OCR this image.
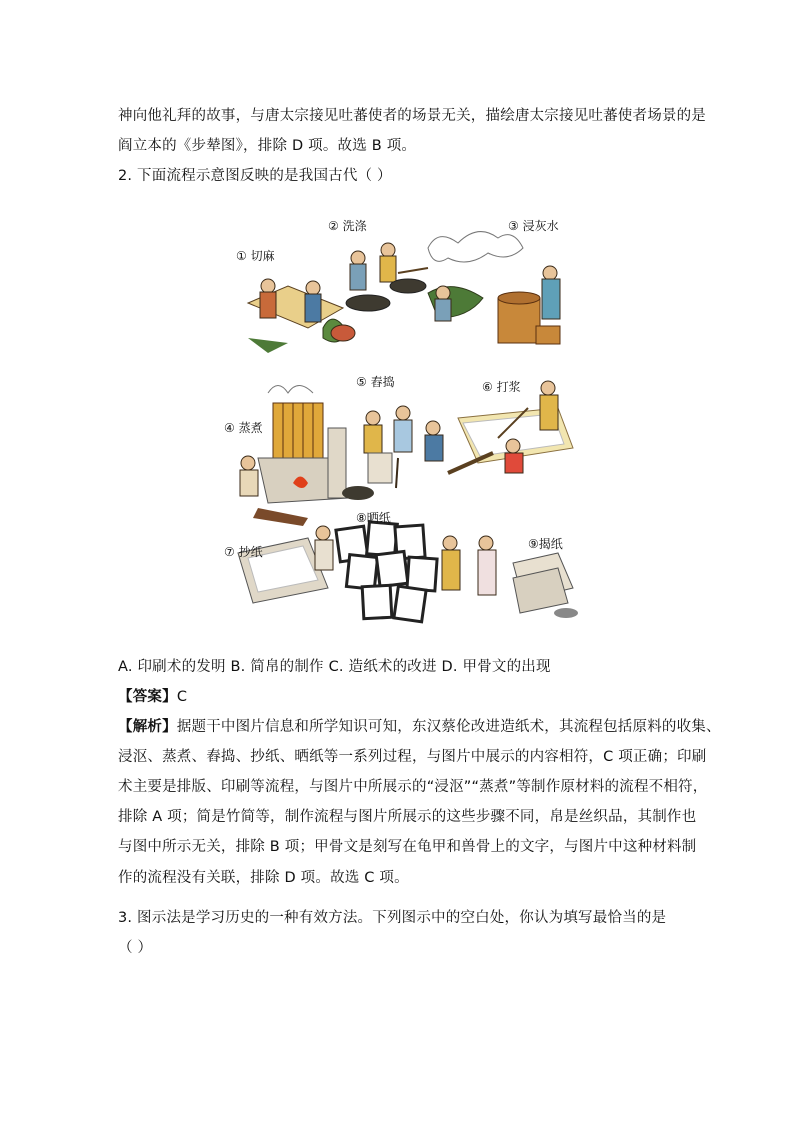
神向他礼拜的故事，与唐太宗接见吐蕃使者的场景无关，描绘唐太宗接见吐蕃使者场景的是
阎立本的《步辇图》，排除 D 项。故选 B 项。
2. 下面流程示意图反映的是我国古代（ ）
① 切麻
② 洗涤	③ 浸灰水
④ 蒸煮
⑤ 舂捣	⑥ 打浆
⑦ 抄纸
⑧晒纸
⑨揭纸
A. 印刷术的发明 B. 简帛的制作 C. 造纸术的改进 D. 甲骨文的出现
【答案】C
【解析】据题干中图片信息和所学知识可知，东汉蔡伦改进造纸术，其流程包括原料的收集、
浸沤、蒸煮、舂捣、抄纸、晒纸等一系列过程，与图片中展示的内容相符，C 项正确；印刷
术主要是排版、印刷等流程，与图片中所展示的“浸沤”“蒸煮”等制作原材料的流程不相符，
排除 A 项；简是竹简等，制作流程与图片所展示的这些步骤不同，帛是丝织品，其制作也
与图中所示无关，排除 B 项；甲骨文是刻写在龟甲和兽骨上的文字，与图片中这种材料制
作的流程没有关联，排除 D 项。故选 C 项。
3. 图示法是学习历史的一种有效方法。下列图示中的空白处，你认为填写最恰当的是
（ ）
